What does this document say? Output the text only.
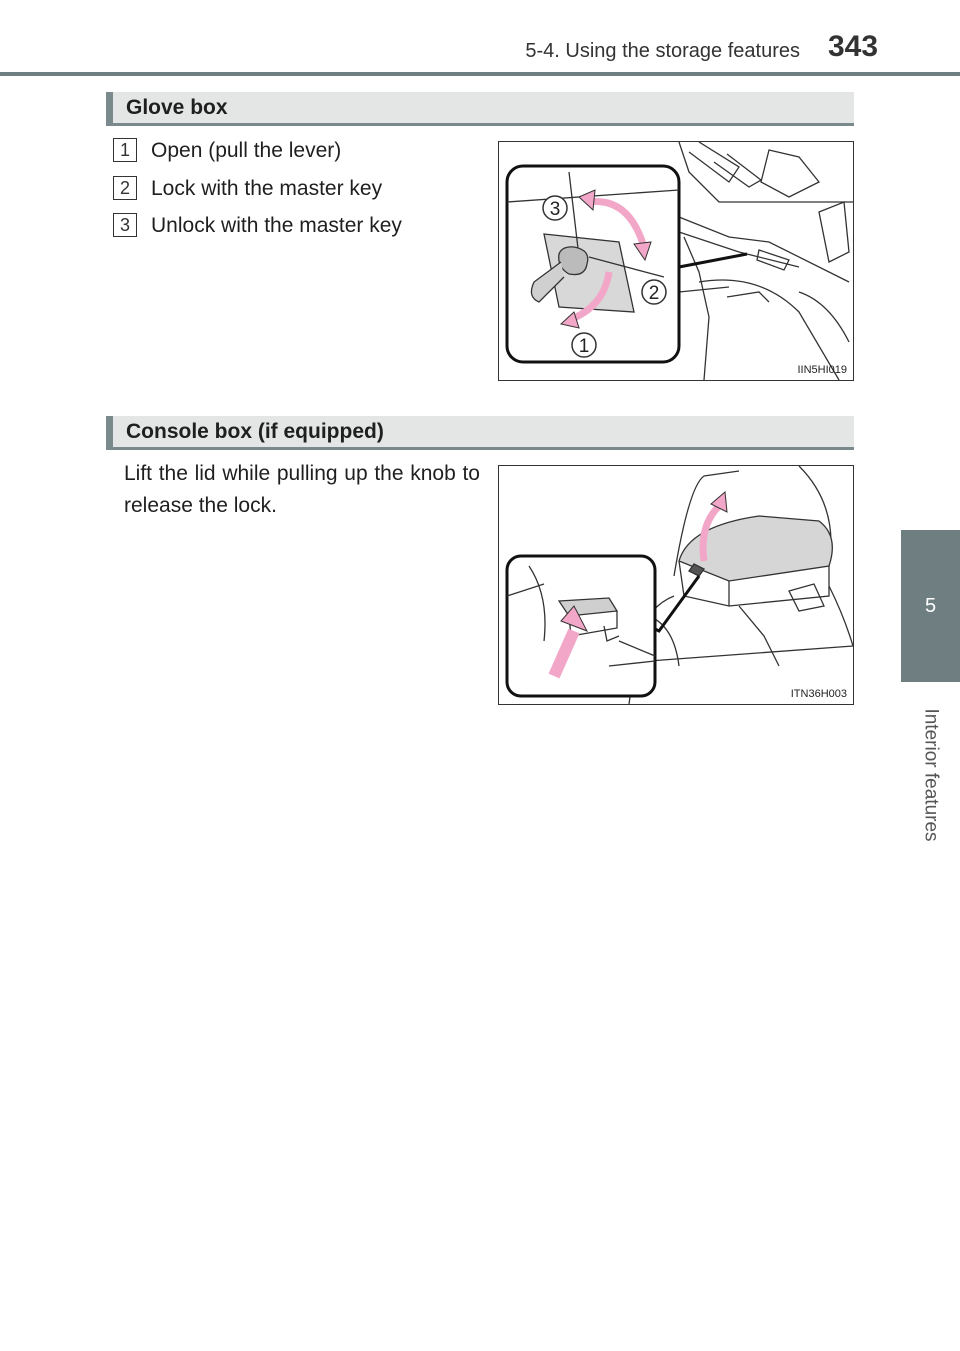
5-4. Using the storage features 343
5
Interior features
Glove box
1	Open (pull the lever)
2	Lock with the master key
3	Unlock with the master key
3
2
1
IIN5HI019
Console box (if equipped)
Lift the lid while pulling up the knob to release the lock.
ITN36H003
